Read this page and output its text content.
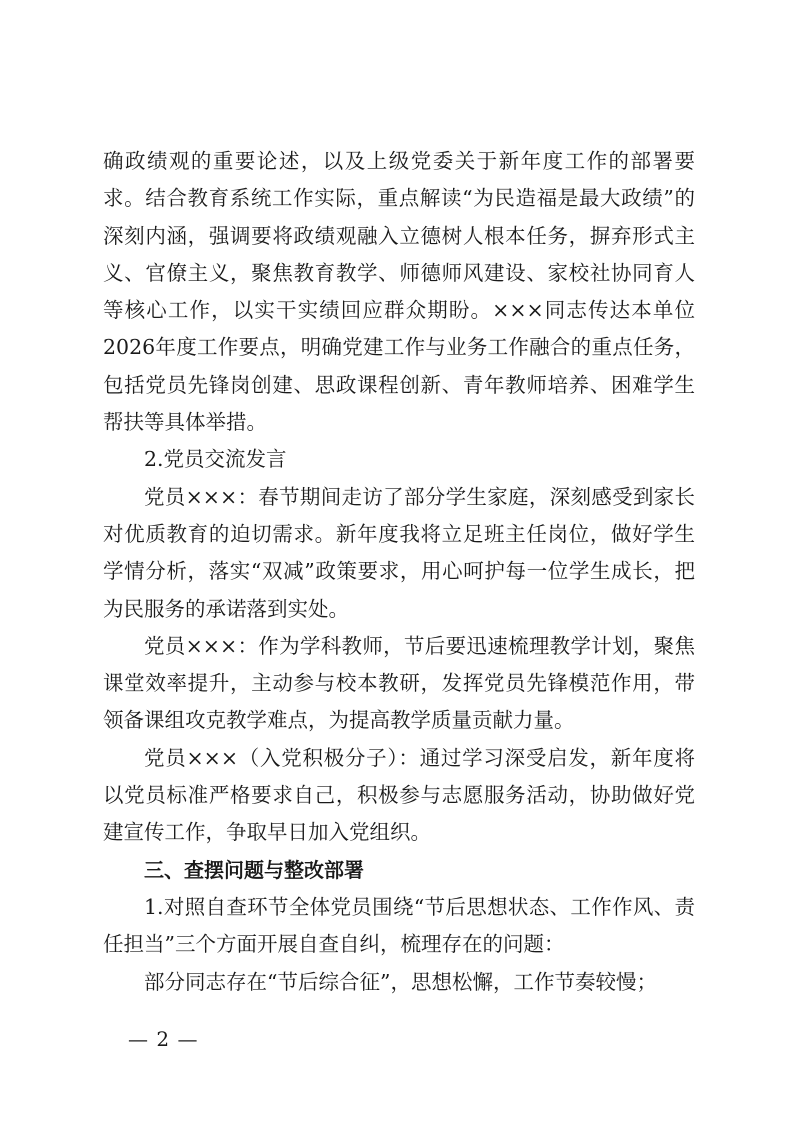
确政绩观的重要论述，以及上级党委关于新年度工作的部署要求。结合教育系统工作实际，重点解读“为民造福是最大政绩”的深刻内涵，强调要将政绩观融入立德树人根本任务，摒弃形式主义、官僚主义，聚焦教育教学、师德师风建设、家校社协同育人等核心工作，以实干实绩回应群众期盼。×××同志传达本单位2026年度工作要点，明确党建工作与业务工作融合的重点任务，包括党员先锋岗创建、思政课程创新、青年教师培养、困难学生帮扶等具体举措。

2.党员交流发言

党员×××：春节期间走访了部分学生家庭，深刻感受到家长对优质教育的迫切需求。新年度我将立足班主任岗位，做好学生学情分析，落实“双减”政策要求，用心呵护每一位学生成长，把为民服务的承诺落到实处。

党员×××：作为学科教师，节后要迅速梳理教学计划，聚焦课堂效率提升，主动参与校本教研，发挥党员先锋模范作用，带领备课组攻克教学难点，为提高教学质量贡献力量。

党员×××（入党积极分子）：通过学习深受启发，新年度将以党员标准严格要求自己，积极参与志愿服务活动，协助做好党建宣传工作，争取早日加入党组织。

三、查摆问题与整改部署

1.对照自查环节全体党员围绕“节后思想状态、工作作风、责任担当”三个方面开展自查自纠，梳理存在的问题：

部分同志存在“节后综合征”，思想松懈，工作节奏较慢；

— 2 —
